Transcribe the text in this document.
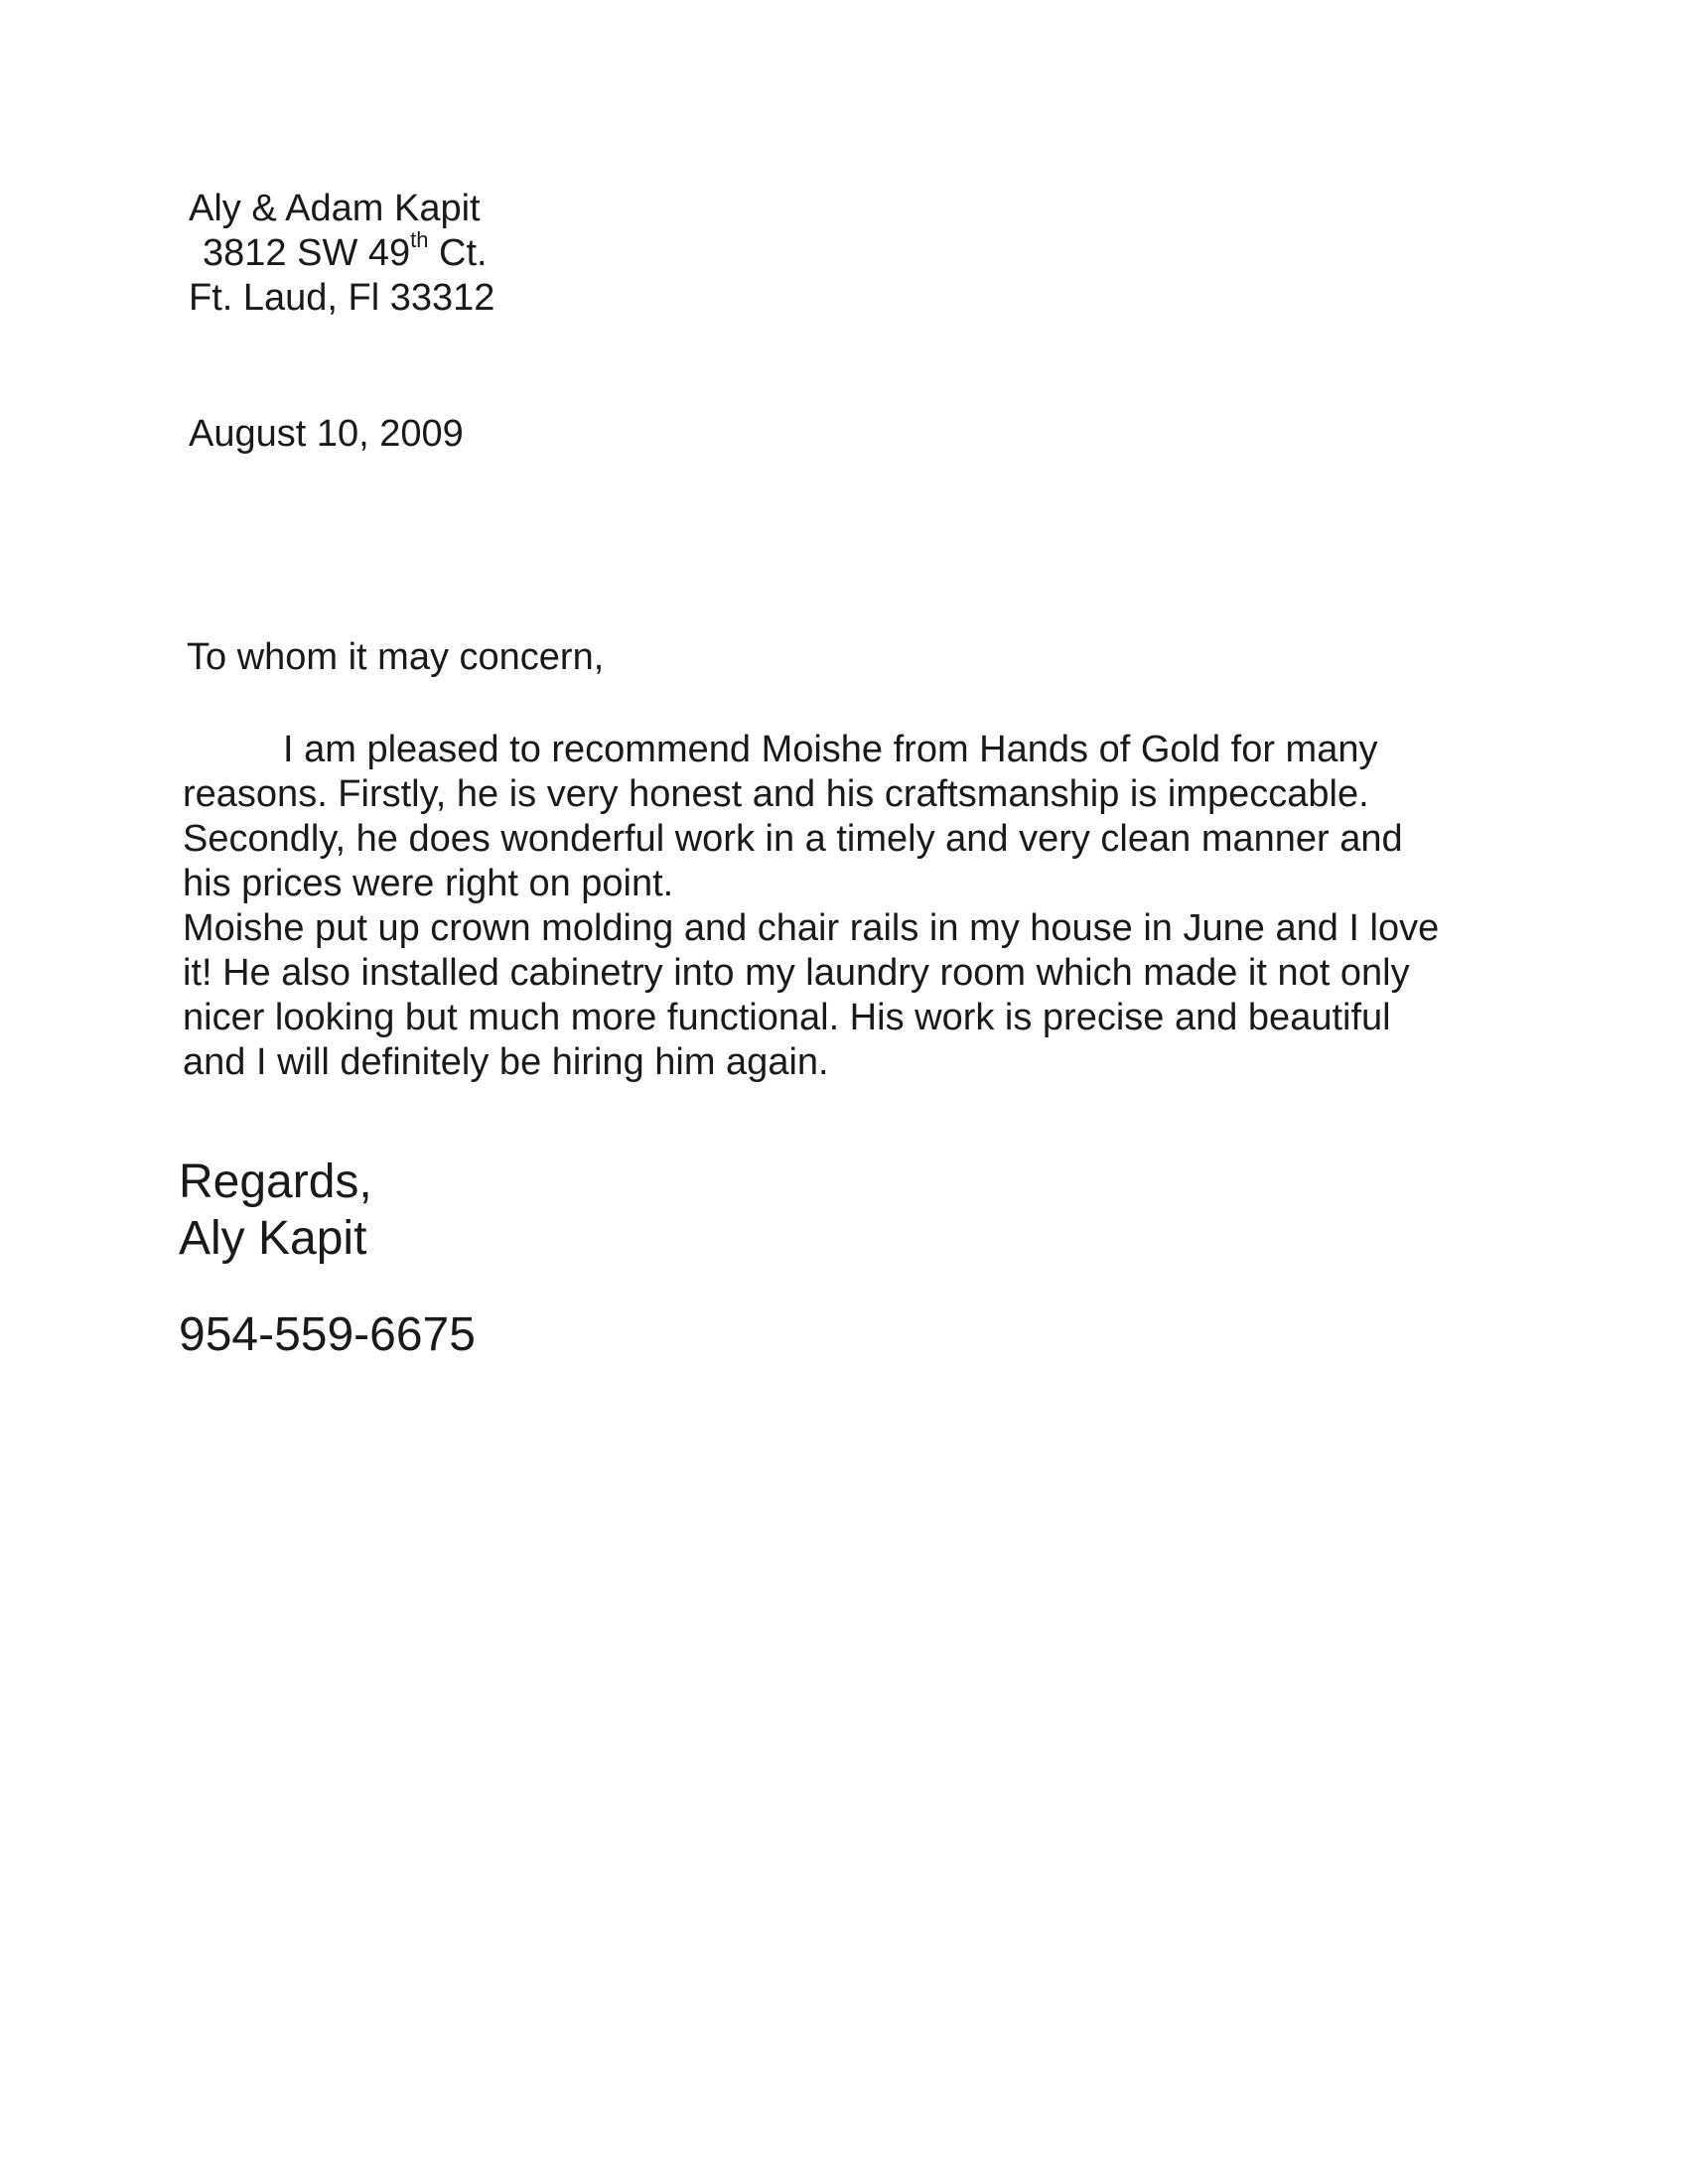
Aly & Adam Kapit
3812 SW 49th Ct.
Ft. Laud, Fl 33312
August 10, 2009
To whom it may concern,

I am pleased to recommend Moishe from Hands of Gold for many

reasons. Firstly, he is very honest and his craftsmanship is impeccable.

Secondly, he does wonderful work in a timely and very clean manner and

his prices were right on point.

Moishe put up crown molding and chair rails in my house in June and I love

it! He also installed cabinetry into my laundry room which made it not only

nicer looking but much more functional. His work is precise and beautiful

and I will definitely be hiring him again.

Regards,
Aly Kapit
954-559-6675
